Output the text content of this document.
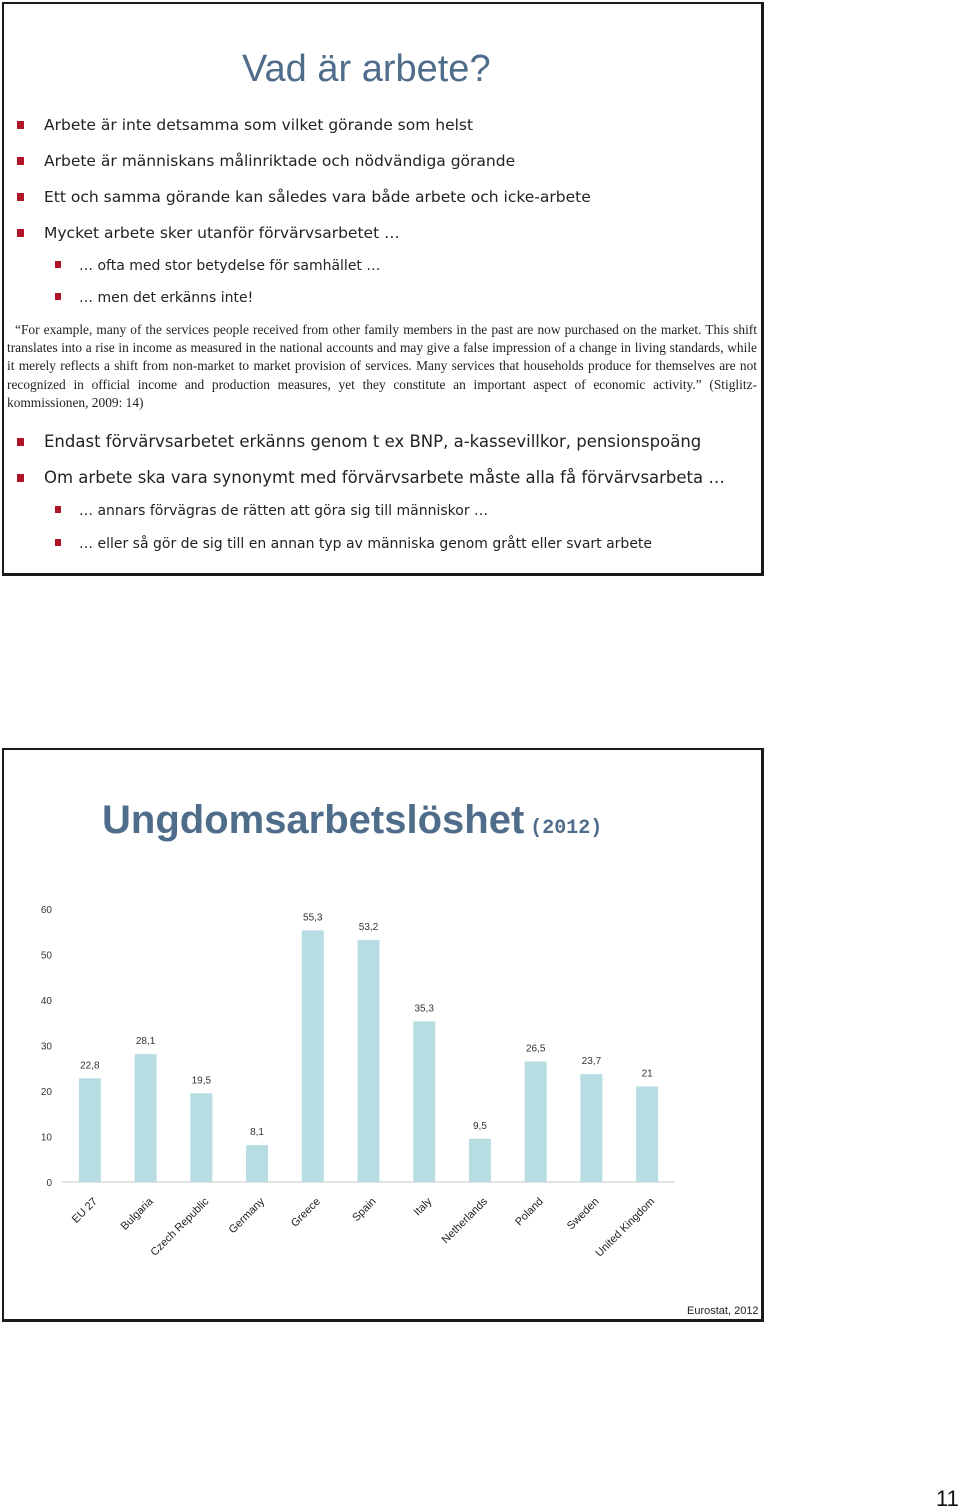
Vad är arbete?

Arbete är inte detsamma som vilket görande som helst

Arbete är människans målinriktade och nödvändiga görande

Ett och samma görande kan således vara både arbete och icke-arbete

Mycket arbete sker utanför förvärvsarbetet …

… ofta med stor betydelse för samhället …

… men det erkänns inte!

“For example, many of the services people received from other family members in the past are now purchased on the market. This shift translates into a rise in income as measured in the national accounts and may give a false impression of a change in living standards, while it merely reflects a shift from non-market to market provision of services. Many services that households produce for themselves are not recognized in official income and production measures, yet they constitute an important aspect of economic activity.” (Stiglitz-kommissionen, 2009: 14)

Endast förvärvsarbetet erkänns genom t ex BNP, a-kassevillkor, pensionspoäng

Om arbete ska vara synonymt med förvärvsarbete måste alla få förvärvsarbeta …

… annars förvägras de rätten att göra sig till människor …

… eller så gör de sig till en annan typ av människa genom grått eller svart arbete

Ungdomsarbetslöshet (2012)
0
10
20
30
40
50
60
22,8
28,1
19,5
8,1
55,3
53,2
35,3
9,5
26,5
23,7
21
EU 27 Bulgaria
Czech Republic Germany Greece Spain	Italy Netherlands Poland Sweden
United Kingdom

Eurostat, 2012

11
